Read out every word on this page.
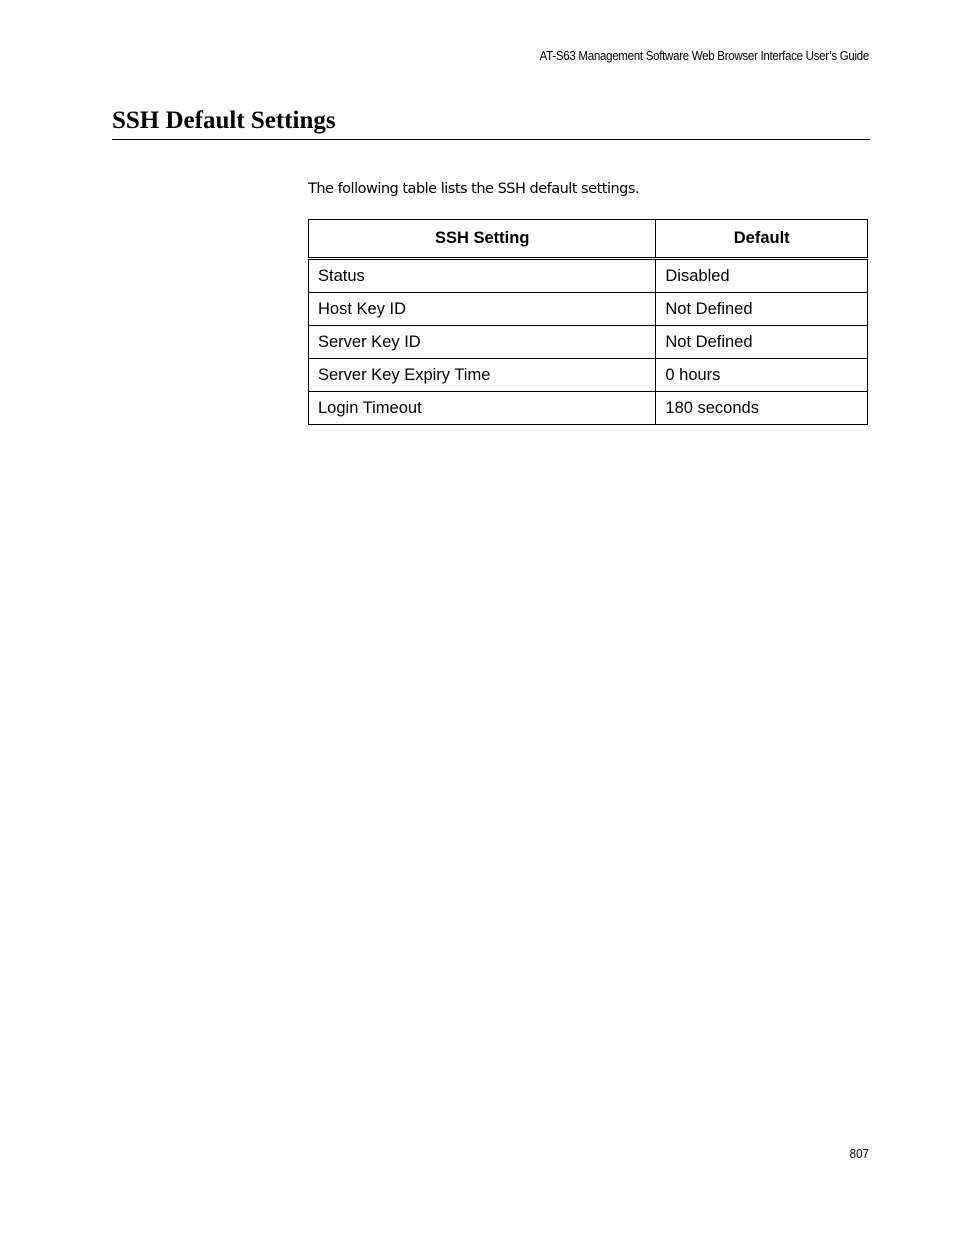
AT-S63 Management Software Web Browser Interface User’s Guide
SSH Default Settings

The following table lists the SSH default settings.

SSH Setting	Default
Status	Disabled
Host Key ID	Not Defined
Server Key ID	Not Defined
Server Key Expiry Time	0 hours
Login Timeout	180 seconds
807
